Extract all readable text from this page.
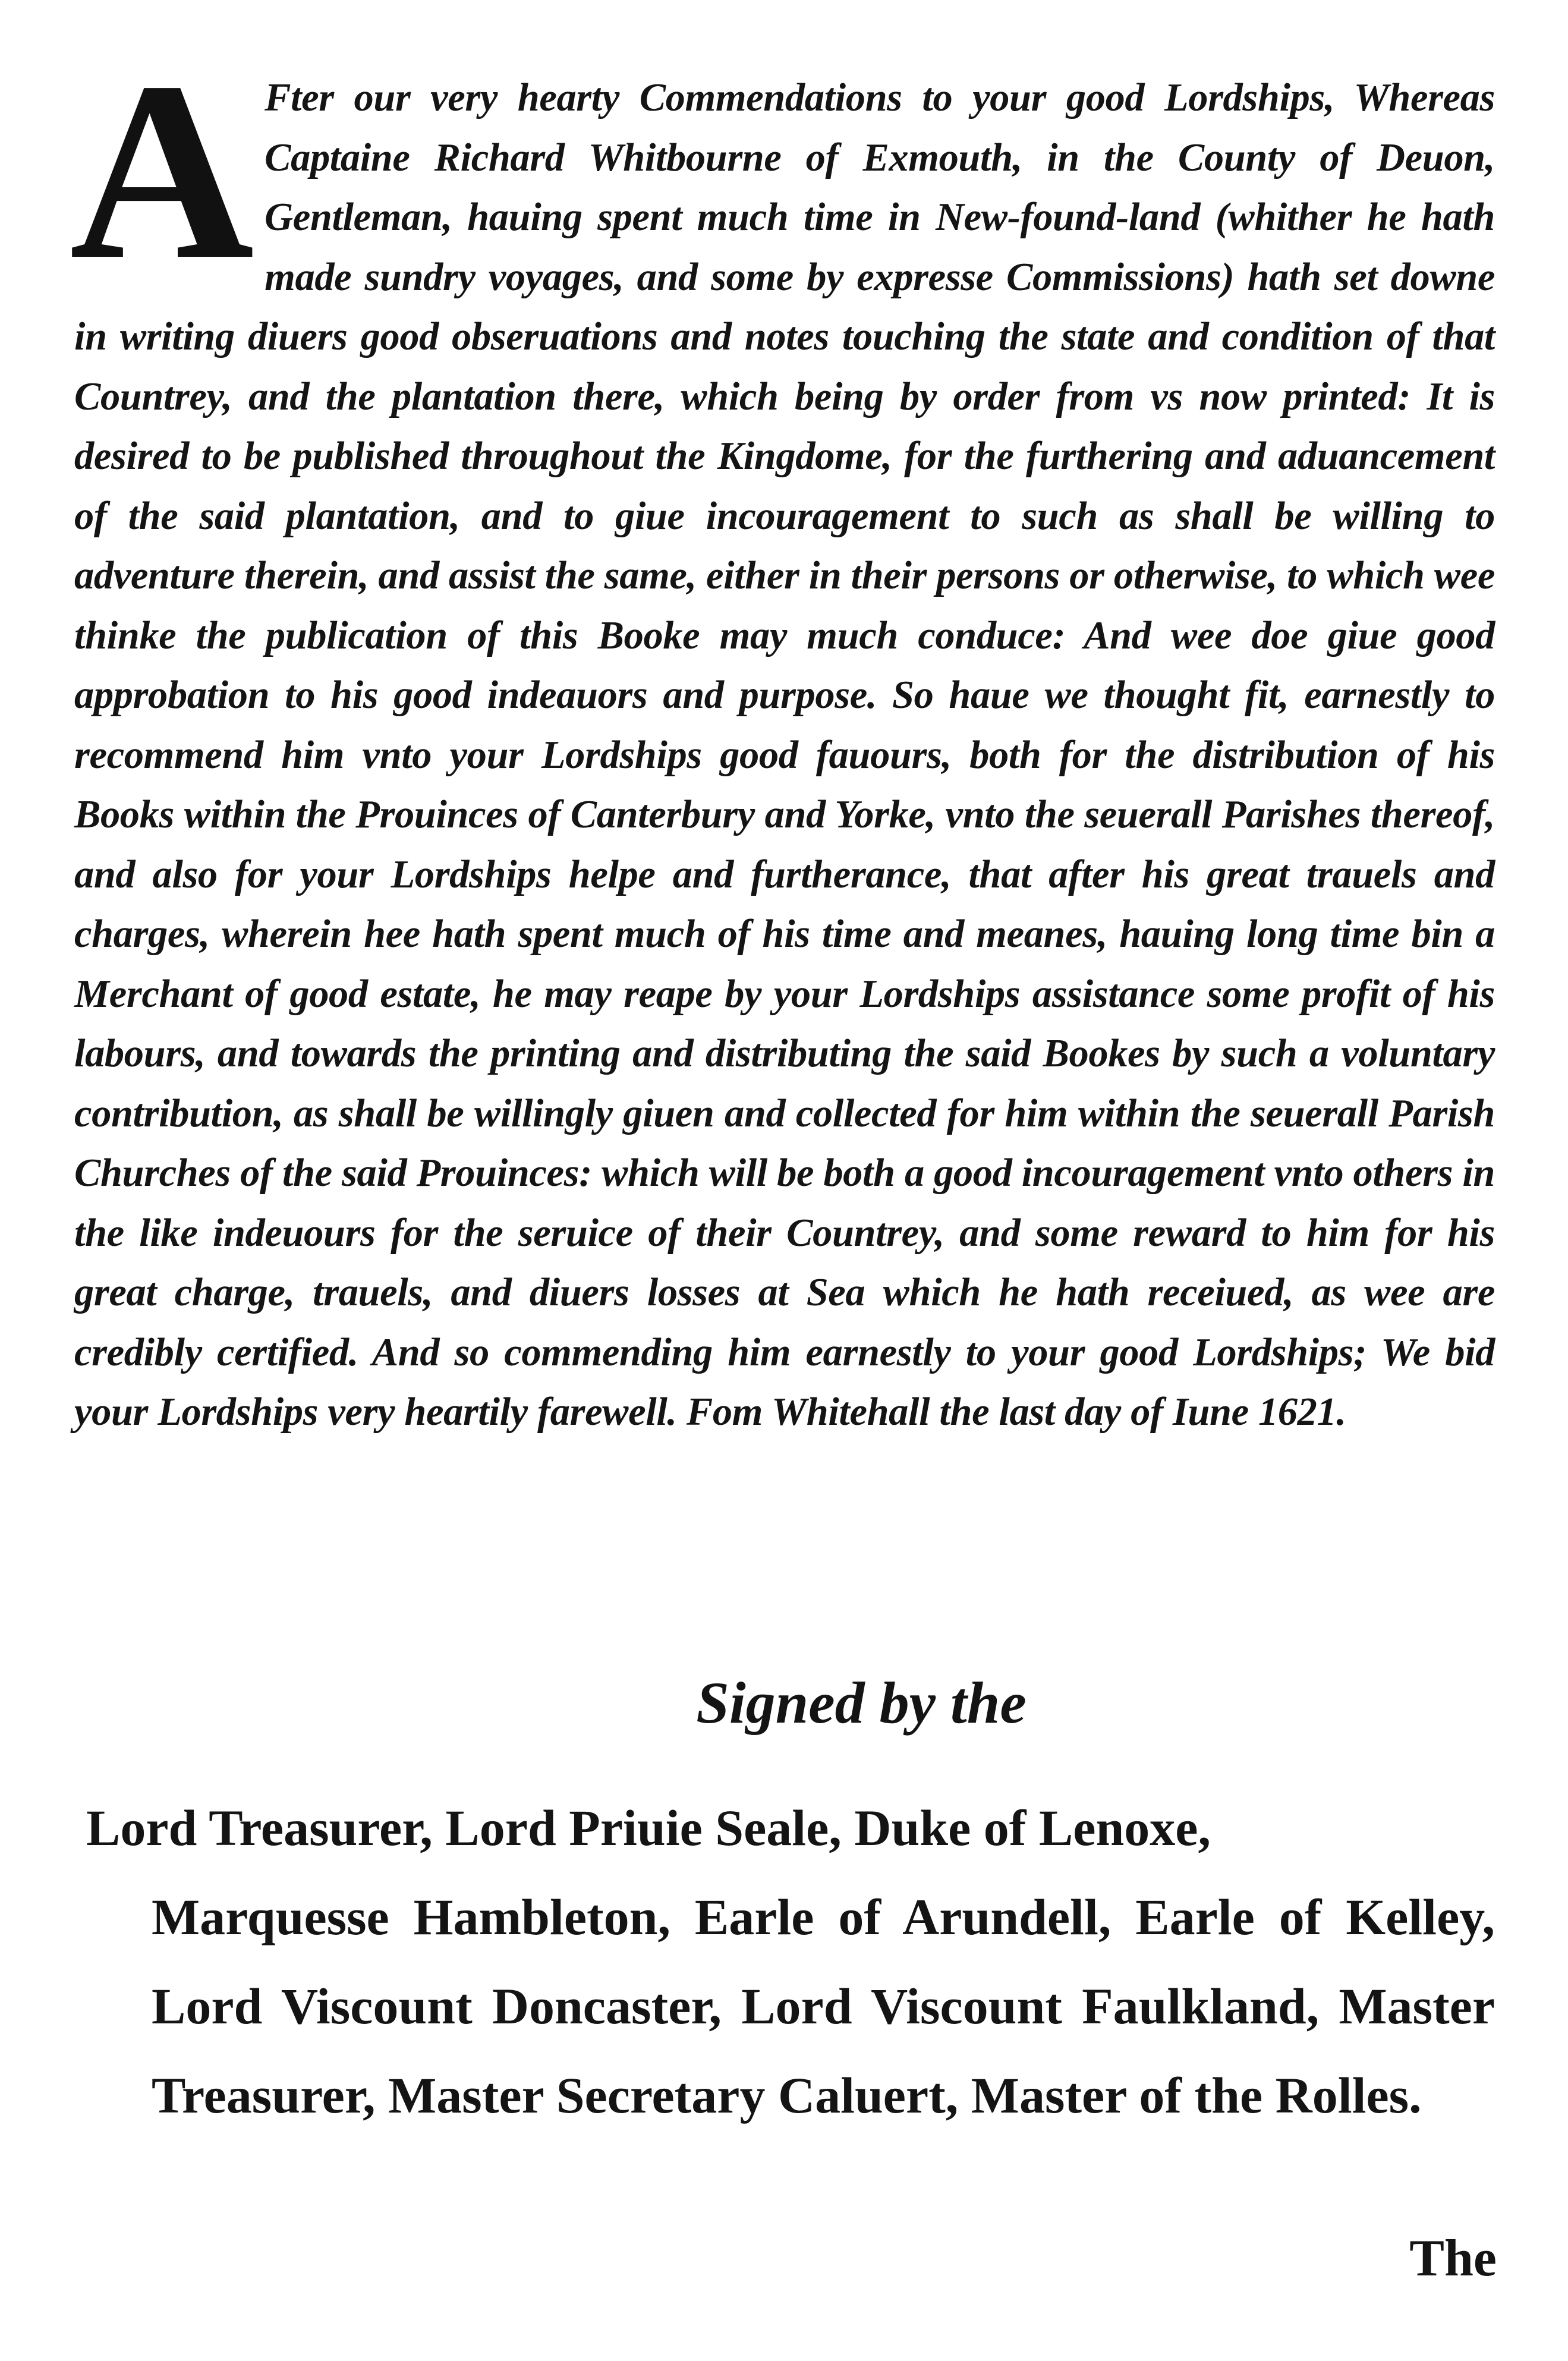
A Fter our very hearty Commendations to your good Lordships, Whereas Captaine Richard Whitbourne of Exmouth, in the County of Deuon, Gentleman, hauing spent much time in New-found-land (whither he hath made sundry voyages, and some by expresse Commissions) hath set downe in writing diuers good obseruations and notes touching the state and condition of that Countrey, and the plantation there, which being by order from vs now printed: It is desired to be published throughout the Kingdome, for the furthering and aduancement of the said plantation, and to giue incouragement to such as shall be willing to adventure therein, and assist the same, either in their persons or otherwise, to which wee thinke the publication of this Booke may much conduce: And wee doe giue good approbation to his good indeauors and purpose. So haue we thought fit, earnestly to recommend him vnto your Lordships good fauours, both for the distribution of his Books within the Prouinces of Canterbury and Yorke, vnto the seuerall Parishes thereof, and also for your Lordships helpe and furtherance, that after his great trauels and charges, wherein hee hath spent much of his time and meanes, hauing long time bin a Merchant of good estate, he may reape by your Lordships assistance some profit of his labours, and towards the printing and distributing the said Bookes by such a voluntary contribution, as shall be willingly giuen and collected for him within the seuerall Parish Churches of the said Prouinces: which will be both a good incouragement vnto others in the like indeuours for the seruice of their Countrey, and some reward to him for his great charge, trauels, and diuers losses at Sea which he hath receiued, as wee are credibly certified. And so commending him earnestly to your good Lordships; We bid your Lordships very heartily farewell. Fom Whitehall the last day of Iune 1621.

Signed by the

Lord Treasurer, Lord Priuie Seale, Duke of Lenoxe,
Marquesse Hambleton, Earle of Arundell, Earle of Kelley, Lord Viscount Doncaster, Lord Viscount Faulkland, Master Treasurer, Master Secretary Caluert, Master of the Rolles.

The
